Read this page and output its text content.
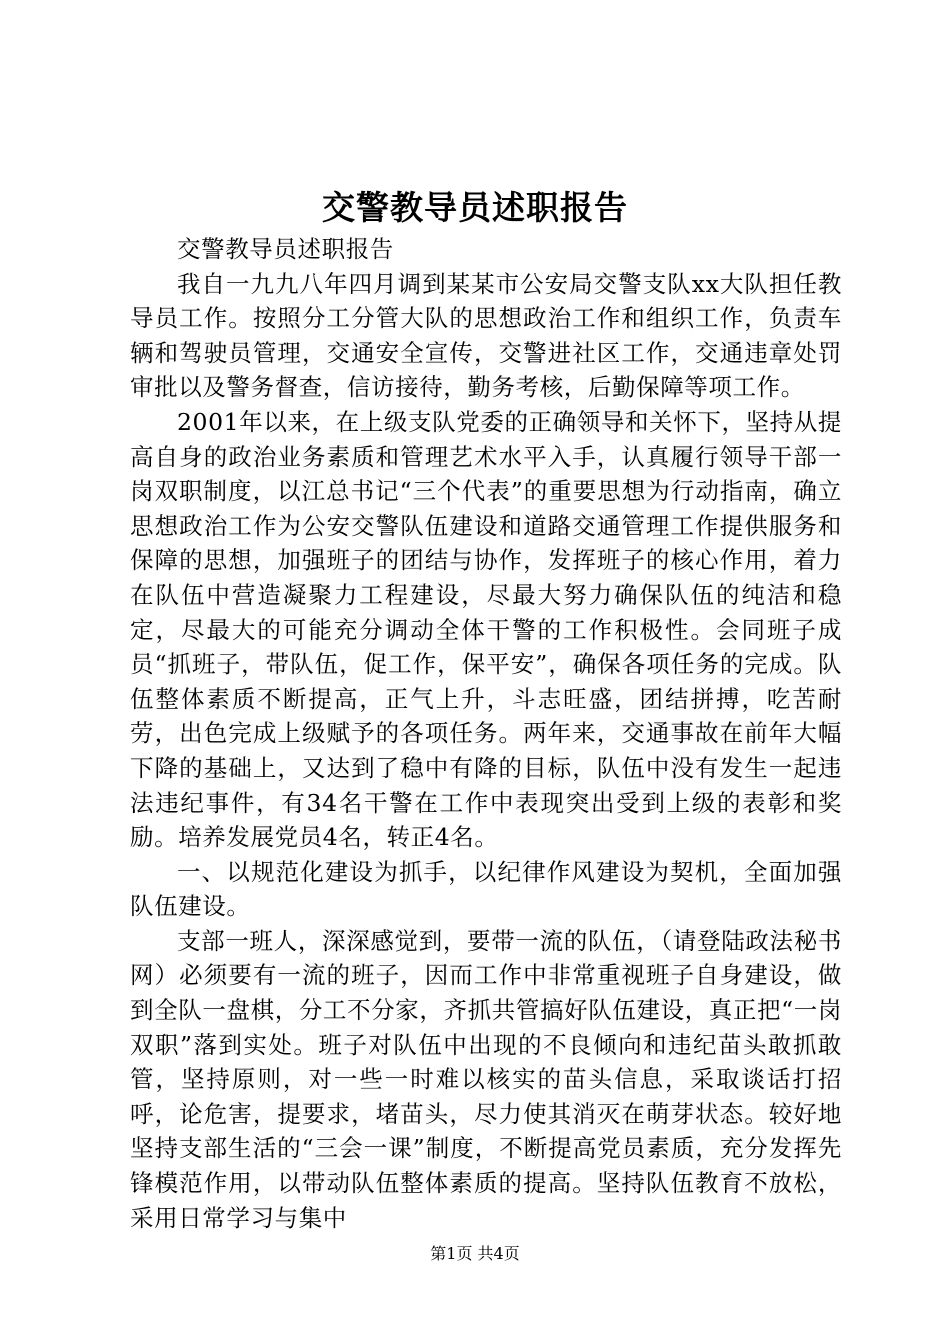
交警教导员述职报告

交警教导员述职报告

我自一九九八年四月调到某某市公安局交警支队xx大队担任教导员工作。按照分工分管大队的思想政治工作和组织工作，负责车辆和驾驶员管理，交通安全宣传，交警进社区工作，交通违章处罚审批以及警务督查，信访接待，勤务考核，后勤保障等项工作。

2001年以来，在上级支队党委的正确领导和关怀下，坚持从提高自身的政治业务素质和管理艺术水平入手，认真履行领导干部一岗双职制度，以江总书记“三个代表”的重要思想为行动指南，确立思想政治工作为公安交警队伍建设和道路交通管理工作提供服务和保障的思想，加强班子的团结与协作，发挥班子的核心作用，着力在队伍中营造凝聚力工程建设，尽最大努力确保队伍的纯洁和稳定，尽最大的可能充分调动全体干警的工作积极性。会同班子成员“抓班子，带队伍，促工作，保平安”，确保各项任务的完成。队伍整体素质不断提高，正气上升，斗志旺盛，团结拼搏，吃苦耐劳，出色完成上级赋予的各项任务。两年来，交通事故在前年大幅下降的基础上，又达到了稳中有降的目标，队伍中没有发生一起违法违纪事件，有34名干警在工作中表现突出受到上级的表彰和奖励。培养发展党员4名，转正4名。

一、以规范化建设为抓手，以纪律作风建设为契机，全面加强队伍建设。

支部一班人，深深感觉到，要带一流的队伍，（请登陆政法秘书网）必须要有一流的班子，因而工作中非常重视班子自身建设，做到全队一盘棋，分工不分家，齐抓共管搞好队伍建设，真正把“一岗双职”落到实处。班子对队伍中出现的不良倾向和违纪苗头敢抓敢管，坚持原则，对一些一时难以核实的苗头信息，采取谈话打招呼，论危害，提要求，堵苗头，尽力使其消灭在萌芽状态。较好地坚持支部生活的“三会一课”制度，不断提高党员素质，充分发挥先锋模范作用，以带动队伍整体素质的提高。坚持队伍教育不放松，采用日常学习与集中

第1页 共4页
